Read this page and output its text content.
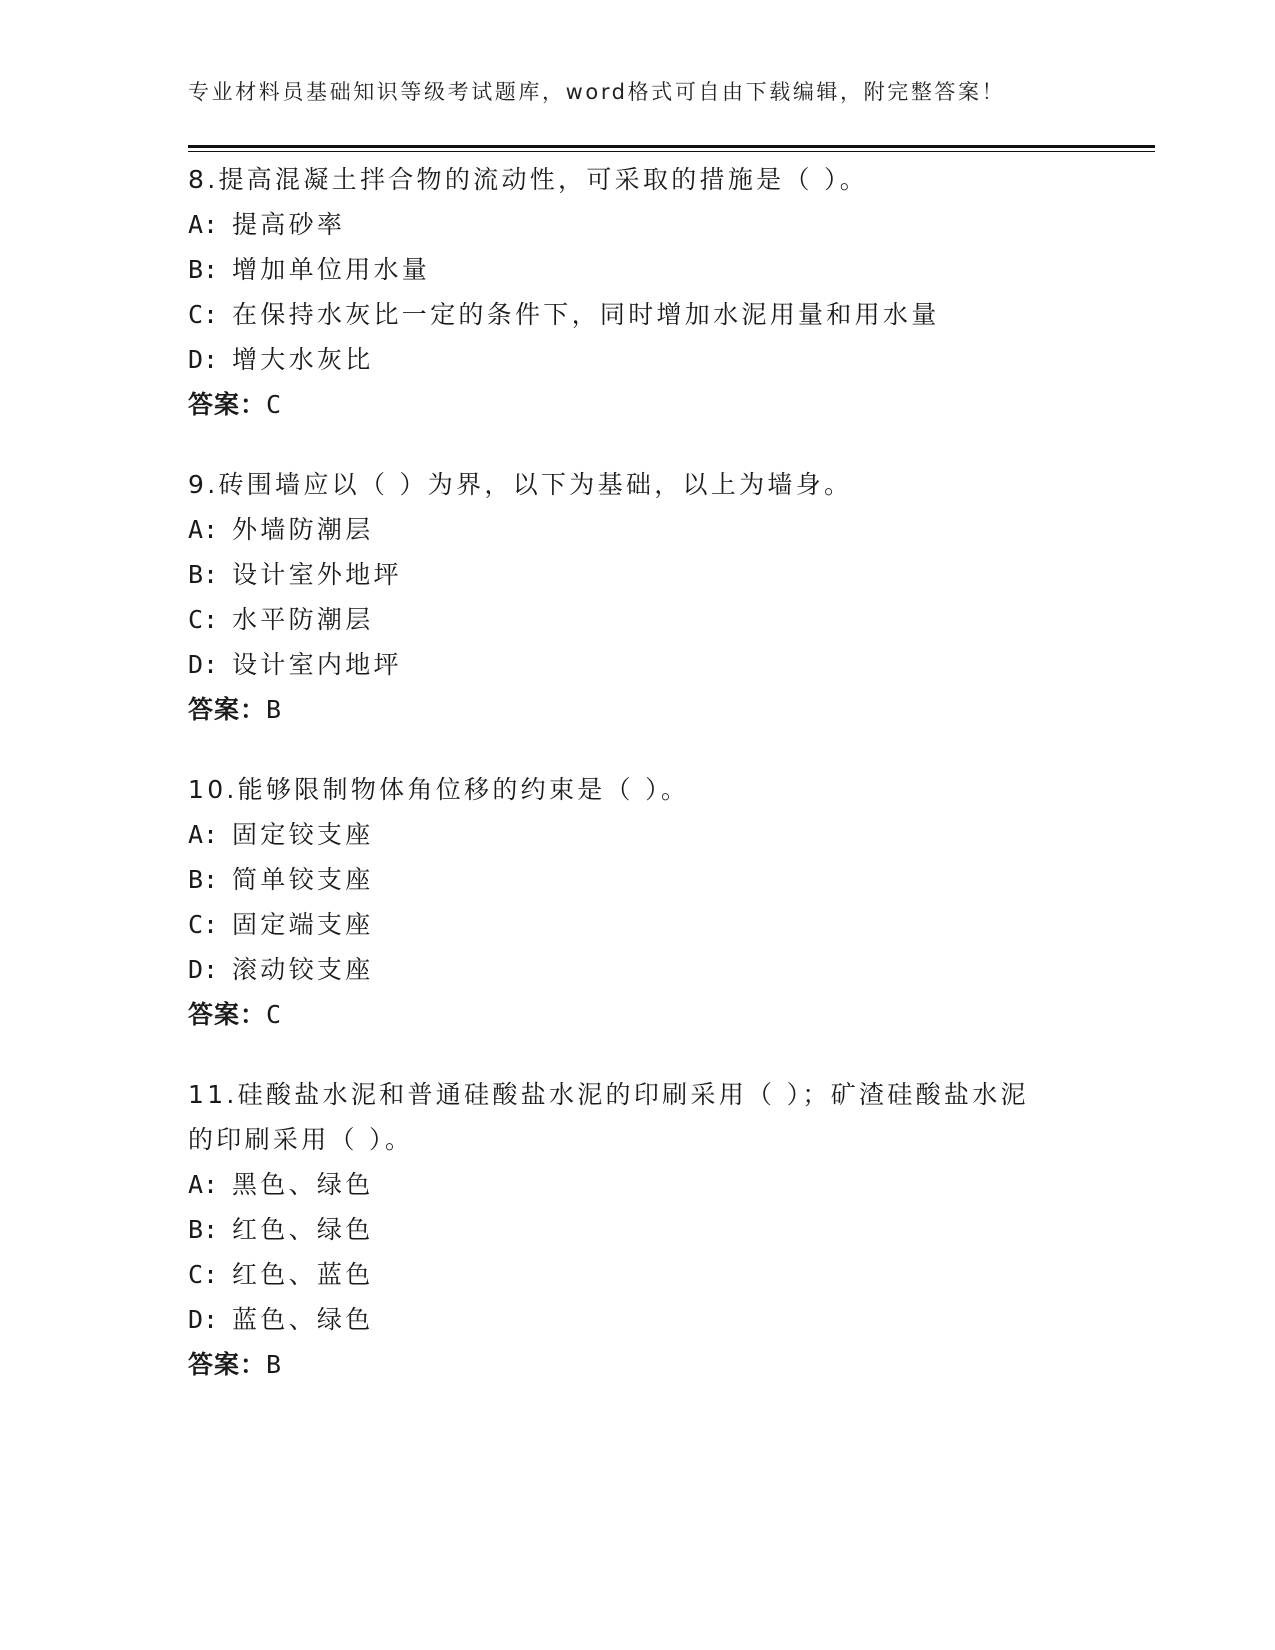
专业材料员基础知识等级考试题库，word格式可自由下载编辑，附完整答案！
8.提高混凝土拌合物的流动性，可采取的措施是（ ）。
A: 提高砂率
B: 增加单位用水量
C: 在保持水灰比一定的条件下，同时增加水泥用量和用水量
D: 增大水灰比
答案：C
9.砖围墙应以（ ）为界，以下为基础，以上为墙身。
A: 外墙防潮层
B: 设计室外地坪
C: 水平防潮层
D: 设计室内地坪
答案：B
10.能够限制物体角位移的约束是（ ）。
A: 固定铰支座
B: 简单铰支座
C: 固定端支座
D: 滚动铰支座
答案：C
11.硅酸盐水泥和普通硅酸盐水泥的印刷采用（ ）；矿渣硅酸盐水泥
的印刷采用（ ）。
A: 黑色、绿色
B: 红色、绿色
C: 红色、蓝色
D: 蓝色、绿色
答案：B
